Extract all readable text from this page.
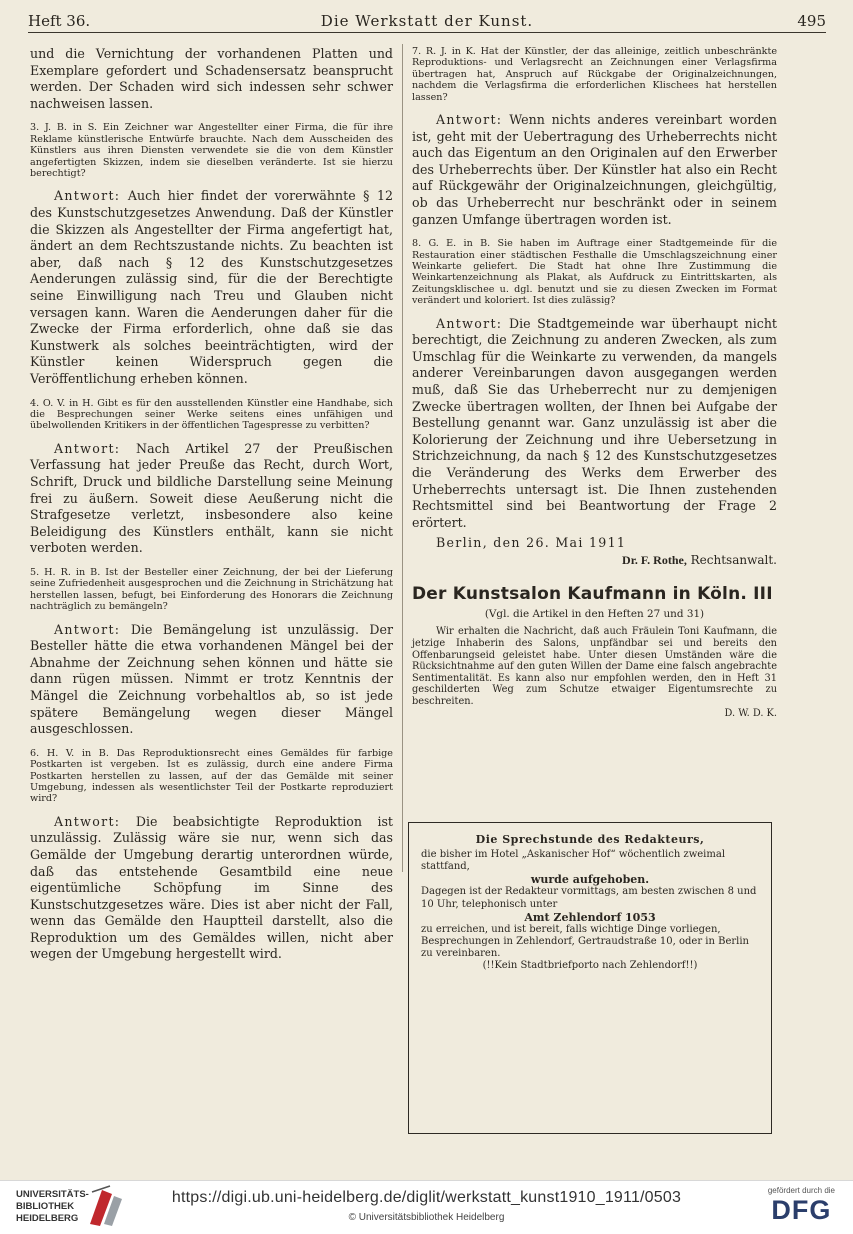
Heft 36.	Die Werkstatt der Kunst.	495

und die Vernichtung der vorhandenen Platten und Exemplare gefordert und Schadensersatz beansprucht werden. Der Schaden wird sich indessen sehr schwer nachweisen lassen.

3. J. B. in S. Ein Zeichner war Angestellter einer Firma, die für ihre Reklame künstlerische Entwürfe brauchte. Nach dem Ausscheiden des Künstlers aus ihren Diensten verwendete sie die von dem Künstler angefertigten Skizzen, indem sie dieselben veränderte. Ist sie hierzu berechtigt?

Antwort: Auch hier findet der vorerwähnte § 12 des Kunstschutzgesetzes Anwendung. Daß der Künstler die Skizzen als Angestellter der Firma angefertigt hat, ändert an dem Rechtszustande nichts. Zu beachten ist aber, daß nach § 12 des Kunstschutzgesetzes Aenderungen zulässig sind, für die der Berechtigte seine Einwilligung nach Treu und Glauben nicht versagen kann. Waren die Aenderungen daher für die Zwecke der Firma erforderlich, ohne daß sie das Kunstwerk als solches beeinträchtigten, wird der Künstler keinen Widerspruch gegen die Veröffentlichung erheben können.

4. O. V. in H. Gibt es für den ausstellenden Künstler eine Handhabe, sich die Besprechungen seiner Werke seitens eines unfähigen und übelwollenden Kritikers in der öffentlichen Tagespresse zu verbitten?

Antwort: Nach Artikel 27 der Preußischen Verfassung hat jeder Preuße das Recht, durch Wort, Schrift, Druck und bildliche Darstellung seine Meinung frei zu äußern. Soweit diese Aeußerung nicht die Strafgesetze verletzt, insbesondere also keine Beleidigung des Künstlers enthält, kann sie nicht verboten werden.

5. H. R. in B. Ist der Besteller einer Zeichnung, der bei der Lieferung seine Zufriedenheit ausgesprochen und die Zeichnung in Strichätzung hat herstellen lassen, befugt, bei Einforderung des Honorars die Zeichnung nachträglich zu bemängeln?

Antwort: Die Bemängelung ist unzulässig. Der Besteller hätte die etwa vorhandenen Mängel bei der Abnahme der Zeichnung sehen können und hätte sie dann rügen müssen. Nimmt er trotz Kenntnis der Mängel die Zeichnung vorbehaltlos ab, so ist jede spätere Bemängelung wegen dieser Mängel ausgeschlossen.

6. H. V. in B. Das Reproduktionsrecht eines Gemäldes für farbige Postkarten ist vergeben. Ist es zulässig, durch eine andere Firma Postkarten herstellen zu lassen, auf der das Gemälde mit seiner Umgebung, indessen als wesentlichster Teil der Postkarte reproduziert wird?

Antwort: Die beabsichtigte Reproduktion ist unzulässig. Zulässig wäre sie nur, wenn sich das Gemälde der Umgebung derartig unterordnen würde, daß das entstehende Gesamtbild eine neue eigentümliche Schöpfung im Sinne des Kunstschutzgesetzes wäre. Dies ist aber nicht der Fall, wenn das Gemälde den Hauptteil darstellt, also die Reproduktion um des Gemäldes willen, nicht aber wegen der Umgebung hergestellt wird.

7. R. J. in K. Hat der Künstler, der das alleinige, zeitlich unbeschränkte Reproduktions- und Verlagsrecht an Zeichnungen einer Verlagsfirma übertragen hat, Anspruch auf Rückgabe der Originalzeichnungen, nachdem die Verlagsfirma die erforderlichen Klischees hat herstellen lassen?

Antwort: Wenn nichts anderes vereinbart worden ist, geht mit der Uebertragung des Urheberrechts nicht auch das Eigentum an den Originalen auf den Erwerber des Urheberrechts über. Der Künstler hat also ein Recht auf Rückgewähr der Originalzeichnungen, gleichgültig, ob das Urheberrecht nur beschränkt oder in seinem ganzen Umfange übertragen worden ist.

8. G. E. in B. Sie haben im Auftrage einer Stadtgemeinde für die Restauration einer städtischen Festhalle die Umschlagszeichnung einer Weinkarte geliefert. Die Stadt hat ohne Ihre Zustimmung die Weinkartenzeichnung als Plakat, als Aufdruck zu Eintrittskarten, als Zeitungsklischee u. dgl. benutzt und sie zu diesen Zwecken im Format verändert und koloriert. Ist dies zulässig?

Antwort: Die Stadtgemeinde war überhaupt nicht berechtigt, die Zeichnung zu anderen Zwecken, als zum Umschlag für die Weinkarte zu verwenden, da mangels anderer Vereinbarungen davon ausgegangen werden muß, daß Sie das Urheberrecht nur zu demjenigen Zwecke übertragen wollten, der Ihnen bei Aufgabe der Bestellung genannt war. Ganz unzulässig ist aber die Kolorierung der Zeichnung und ihre Uebersetzung in Strichzeichnung, da nach § 12 des Kunstschutzgesetzes die Veränderung des Werks dem Erwerber des Urheberrechts untersagt ist. Die Ihnen zustehenden Rechtsmittel sind bei Beantwortung der Frage 2 erörtert.

Berlin, den 26. Mai 1911

Dr. F. Rothe, Rechtsanwalt.

Der Kunstsalon Kaufmann in Köln. III

(Vgl. die Artikel in den Heften 27 und 31)

Wir erhalten die Nachricht, daß auch Fräulein Toni Kaufmann, die jetzige Inhaberin des Salons, unpfändbar sei und bereits den Offenbarungseid geleistet habe. Unter diesen Umständen wäre die Rücksichtnahme auf den guten Willen der Dame eine falsch angebrachte Sentimentalität. Es kann also nur empfohlen werden, den in Heft 31 geschilderten Weg zum Schutze etwaiger Eigentumsrechte zu beschreiten.

D. W. D. K.

Die Sprechstunde des Redakteurs,

die bisher im Hotel „Askanischer Hof“ wöchentlich zweimal stattfand,

wurde aufgehoben.

Dagegen ist der Redakteur vormittags, am besten zwischen 8 und 10 Uhr, telephonisch unter

Amt Zehlendorf 1053

zu erreichen, und ist bereit, falls wichtige Dinge vorliegen, Besprechungen in Zehlendorf, Gertraudstraße 10, oder in Berlin zu vereinbaren.

(!!Kein Stadtbriefporto nach Zehlendorf!!)

UNIVERSITÄTS-
BIBLIOTHEK
HEIDELBERG
https://digi.ub.uni-heidelberg.de/diglit/werkstatt_kunst1910_1911/0503
© Universitätsbibliothek Heidelberg
gefördert durch die
DFG
